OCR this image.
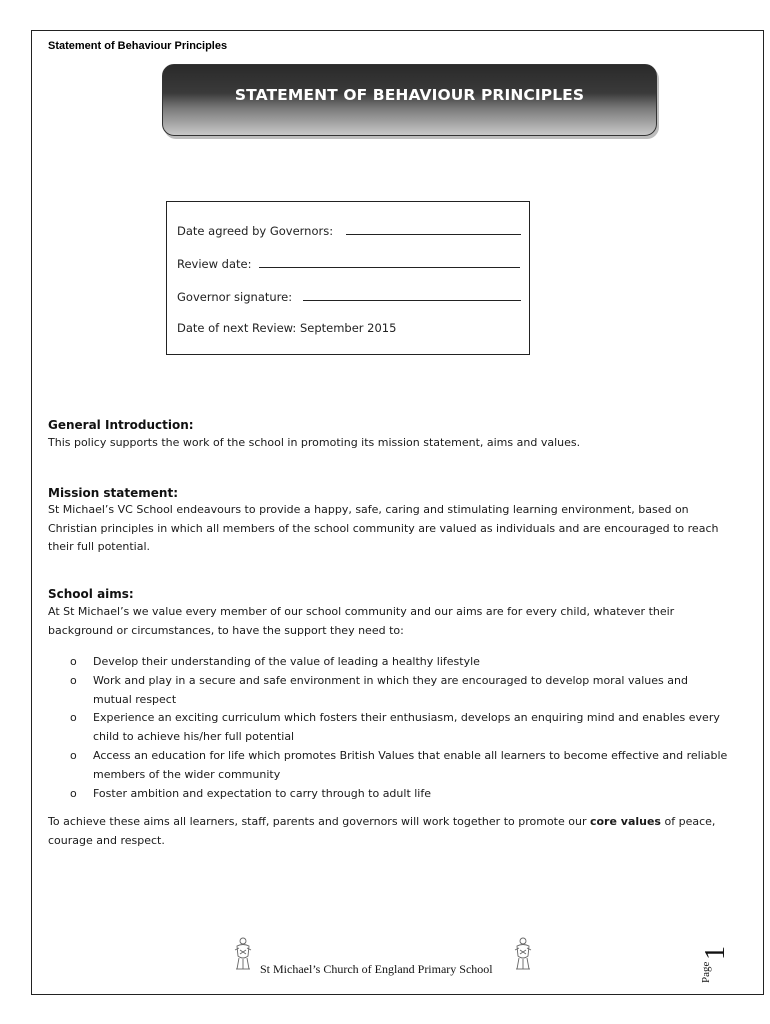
Statement of Behaviour Principles
STATEMENT OF BEHAVIOUR PRINCIPLES
Date agreed by Governors:
Review date:
Governor signature:
Date of next Review: September 2015
General Introduction:
This policy supports the work of the school in promoting its mission statement, aims and values.
Mission statement:
St Michael’s VC School endeavours to provide a happy, safe, caring and stimulating learning environment, based on Christian principles in which all members of the school community are valued as individuals and are encouraged to reach their full potential.
School aims:
At St Michael’s we value every member of our school community and our aims are for every child, whatever their background or circumstances, to have the support they need to:
o Develop their understanding of the value of leading a healthy lifestyle
o Work and play in a secure and safe environment in which they are encouraged to develop moral values and mutual respect
o Experience an exciting curriculum which fosters their enthusiasm, develops an enquiring mind and enables every child to achieve his/her full potential
o Access an education for life which promotes British Values that enable all learners to become effective and reliable members of the wider community
o Foster ambition and expectation to carry through to adult life
To achieve these aims all learners, staff, parents and governors will work together to promote our core values of peace, courage and respect.
St Michael’s Church of England Primary School	Page
1
